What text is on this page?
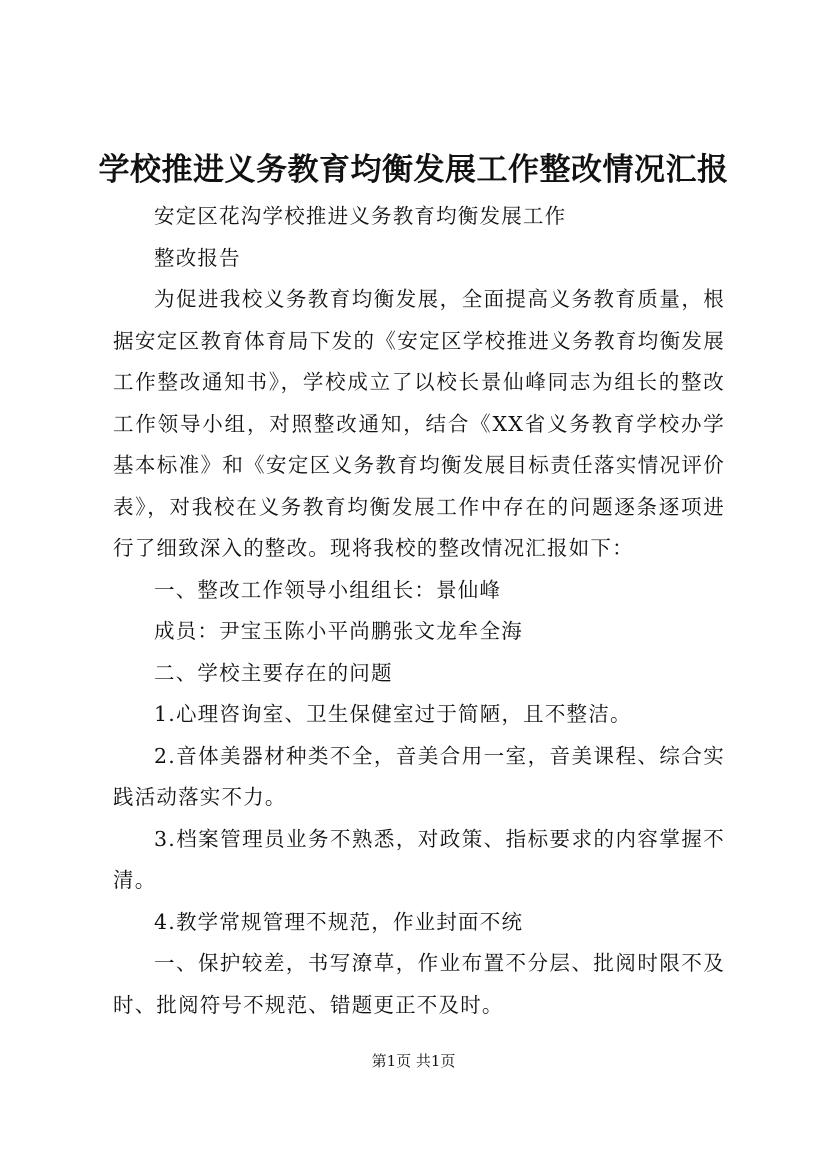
学校推进义务教育均衡发展工作整改情况汇报

安定区花沟学校推进义务教育均衡发展工作

整改报告

为促进我校义务教育均衡发展，全面提高义务教育质量，根据安定区教育体育局下发的《安定区学校推进义务教育均衡发展工作整改通知书》，学校成立了以校长景仙峰同志为组长的整改工作领导小组，对照整改通知，结合《XX省义务教育学校办学基本标准》和《安定区义务教育均衡发展目标责任落实情况评价表》，对我校在义务教育均衡发展工作中存在的问题逐条逐项进行了细致深入的整改。现将我校的整改情况汇报如下：

一、整改工作领导小组组长：景仙峰

成员：尹宝玉陈小平尚鹏张文龙牟全海

二、学校主要存在的问题

1.心理咨询室、卫生保健室过于简陋，且不整洁。

2.音体美器材种类不全，音美合用一室，音美课程、综合实践活动落实不力。

3.档案管理员业务不熟悉，对政策、指标要求的内容掌握不清。

4.教学常规管理不规范，作业封面不统

一、保护较差，书写潦草，作业布置不分层、批阅时限不及时、批阅符号不规范、错题更正不及时。

第1页 共1页
